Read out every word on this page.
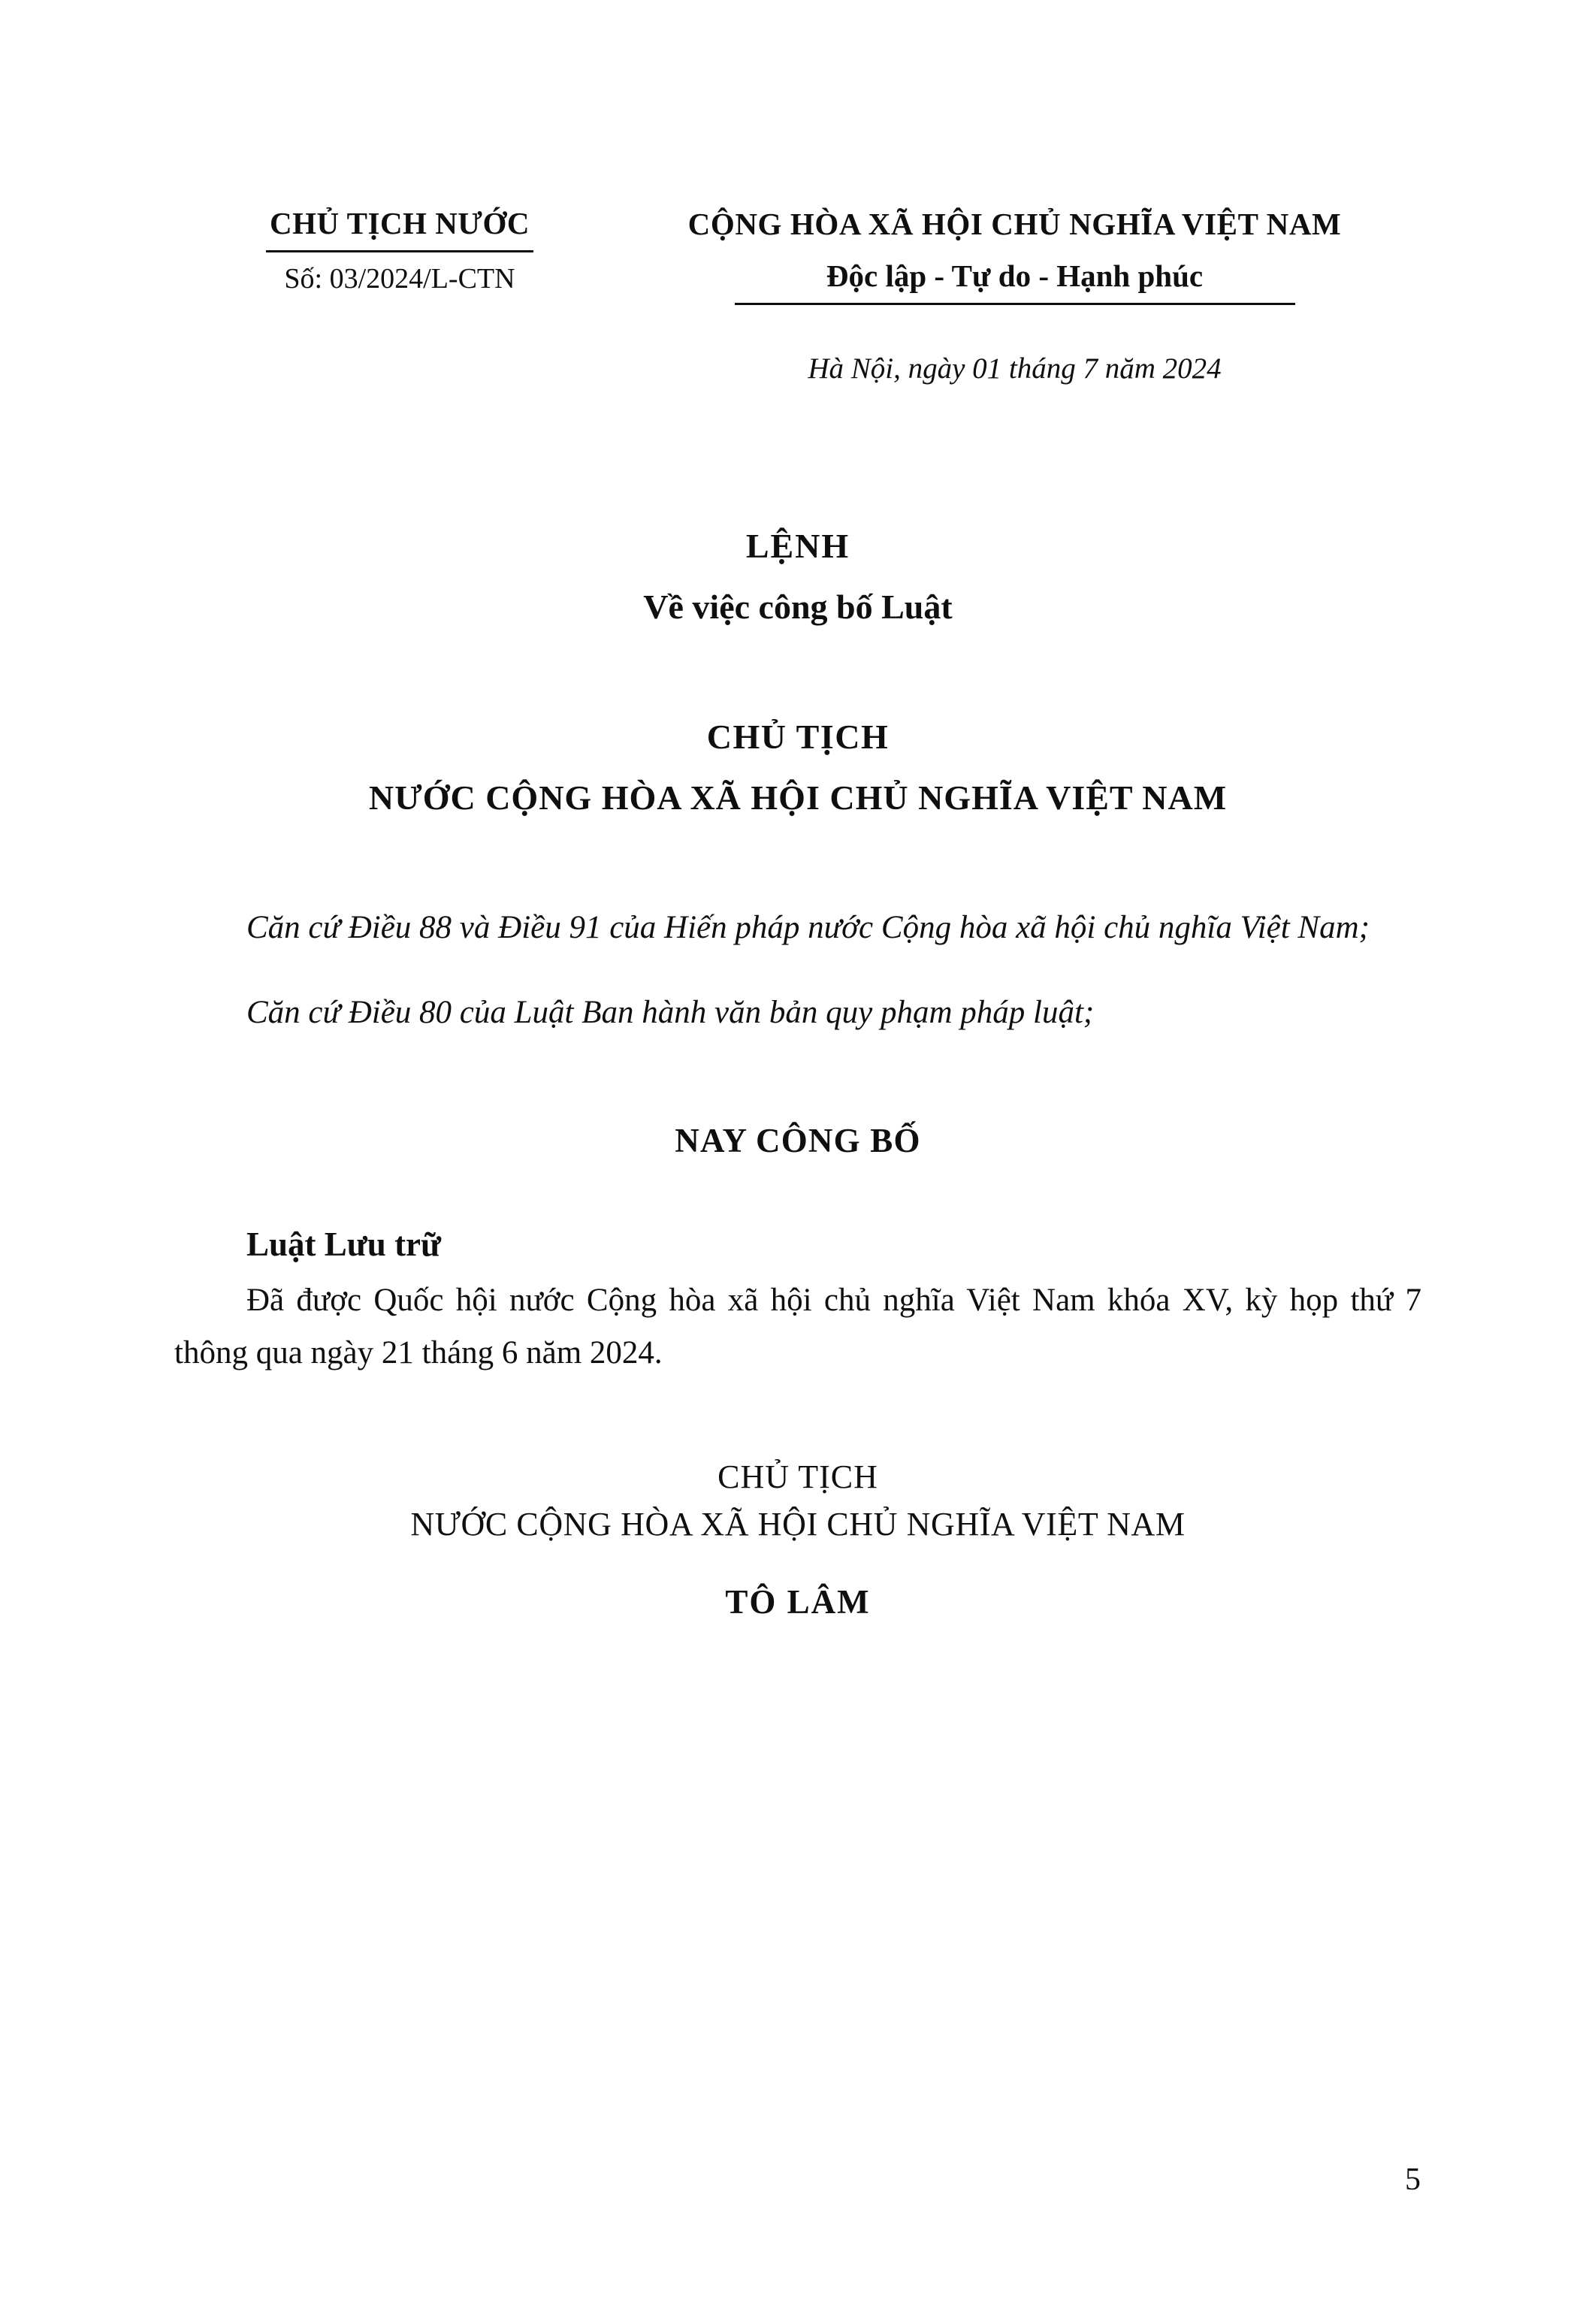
CHỦ TỊCH NƯỚC
Số: 03/2024/L-CTN
CỘNG HÒA XÃ HỘI CHỦ NGHĨA VIỆT NAM
Độc lập - Tự do - Hạnh phúc
Hà Nội, ngày 01 tháng 7 năm 2024
LỆNH
Về việc công bố Luật
CHỦ TỊCH
NƯỚC CỘNG HÒA XÃ HỘI CHỦ NGHĨA VIỆT NAM

Căn cứ Điều 88 và Điều 91 của Hiến pháp nước Cộng hòa xã hội chủ nghĩa Việt Nam;

Căn cứ Điều 80 của Luật Ban hành văn bản quy phạm pháp luật;

NAY CÔNG BỐ
Luật Lưu trữ

Đã được Quốc hội nước Cộng hòa xã hội chủ nghĩa Việt Nam khóa XV, kỳ họp thứ 7 thông qua ngày 21 tháng 6 năm 2024.

CHỦ TỊCH
NƯỚC CỘNG HÒA XÃ HỘI CHỦ NGHĨA VIỆT NAM
TÔ LÂM
5
